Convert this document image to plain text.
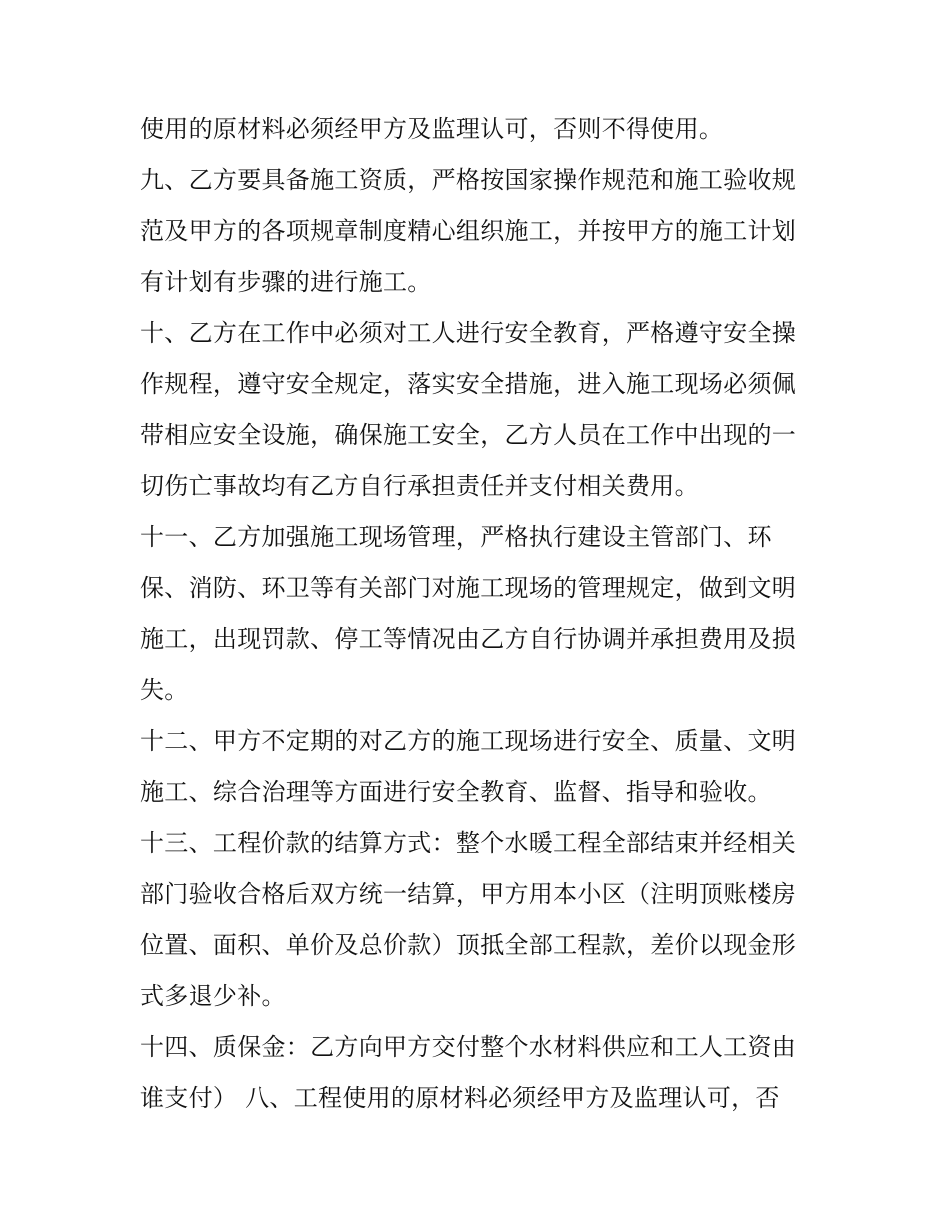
使用的原材料必须经甲方及监理认可，否则不得使用。
九、乙方要具备施工资质，严格按国家操作规范和施工验收规
范及甲方的各项规章制度精心组织施工，并按甲方的施工计划
有计划有步骤的进行施工。
十、乙方在工作中必须对工人进行安全教育，严格遵守安全操
作规程，遵守安全规定，落实安全措施，进入施工现场必须佩
带相应安全设施，确保施工安全，乙方人员在工作中出现的一
切伤亡事故均有乙方自行承担责任并支付相关费用。
十一、乙方加强施工现场管理，严格执行建设主管部门、环
保、消防、环卫等有关部门对施工现场的管理规定，做到文明
施工，出现罚款、停工等情况由乙方自行协调并承担费用及损
失。
十二、甲方不定期的对乙方的施工现场进行安全、质量、文明
施工、综合治理等方面进行安全教育、监督、指导和验收。
十三、工程价款的结算方式：整个水暖工程全部结束并经相关
部门验收合格后双方统一结算，甲方用本小区（注明顶账楼房
位置、面积、单价及总价款）顶抵全部工程款，差价以现金形
式多退少补。
十四、质保金：乙方向甲方交付整个水材料供应和工人工资由
谁支付） 八、工程使用的原材料必须经甲方及监理认可，否
